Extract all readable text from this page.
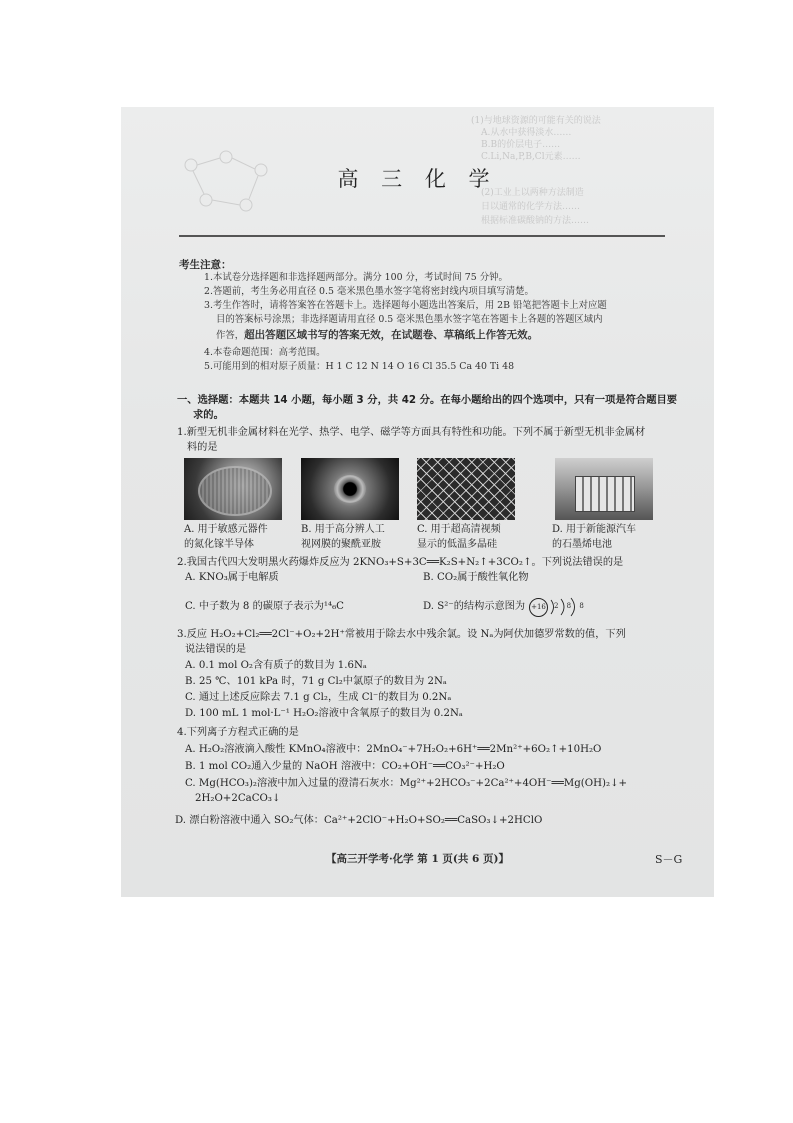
(1)与地球资源的可能有关的说法
A.从水中获得淡水……
B.B的价层电子……
C.Li,Na,P,B,Cl元素……
(2)工业上以两种方法制造
日以通常的化学方法……
根据标准碳酸钠的方法……
高 三 化 学
考生注意：
1.本试卷分选择题和非选择题两部分。满分 100 分，考试时间 75 分钟。
2.答题前，考生务必用直径 0.5 毫米黑色墨水签字笔将密封线内项目填写清楚。
3.考生作答时，请将答案答在答题卡上。选择题每小题选出答案后，用 2B 铅笔把答题卡上对应题
目的答案标号涂黑；非选择题请用直径 0.5 毫米黑色墨水签字笔在答题卡上各题的答题区域内
作答，超出答题区域书写的答案无效，在试题卷、草稿纸上作答无效。
4.本卷命题范围：高考范围。
5.可能用到的相对原子质量：H 1 C 12 N 14 O 16 Cl 35.5 Ca 40 Ti 48
一、选择题：本题共 14 小题，每小题 3 分，共 42 分。在每小题给出的四个选项中，只有一项是符合题目要
求的。
1.新型无机非金属材料在光学、热学、电学、磁学等方面具有特性和功能。下列不属于新型无机非金属材
料的是
A. 用于敏感元器件
的氮化镓半导体
B. 用于高分辨人工
视网膜的聚酰亚胺
C. 用于超高清视频
显示的低温多晶硅
D. 用于新能源汽车
的石墨烯电池
2.我国古代四大发明黑火药爆炸反应为 2KNO₃+S+3C══K₂S+N₂↑+3CO₂↑。下列说法错误的是
A. KNO₃属于电解质	B. CO₂属于酸性氧化物
C. 中子数为 8 的碳原子表示为¹⁴₆C	D. S²⁻的结构示意图为 +16	2 8 8
3.反应 H₂O₂+Cl₂══2Cl⁻+O₂+2H⁺常被用于除去水中残余氯。设 Nₐ为阿伏加德罗常数的值，下列
说法错误的是
A. 0.1 mol O₂含有质子的数目为 1.6Nₐ
B. 25 ℃、101 kPa 时，71 g Cl₂中氯原子的数目为 2Nₐ
C. 通过上述反应除去 7.1 g Cl₂，生成 Cl⁻的数目为 0.2Nₐ
D. 100 mL 1 mol·L⁻¹ H₂O₂溶液中含氧原子的数目为 0.2Nₐ
4.下列离子方程式正确的是
A. H₂O₂溶液滴入酸性 KMnO₄溶液中：2MnO₄⁻+7H₂O₂+6H⁺══2Mn²⁺+6O₂↑+10H₂O
B. 1 mol CO₂通入少量的 NaOH 溶液中：CO₂+OH⁻══CO₃²⁻+H₂O
C. Mg(HCO₃)₂溶液中加入过量的澄清石灰水：Mg²⁺+2HCO₃⁻+2Ca²⁺+4OH⁻══Mg(OH)₂↓+
2H₂O+2CaCO₃↓
D. 漂白粉溶液中通入 SO₂气体：Ca²⁺+2ClO⁻+H₂O+SO₂══CaSO₃↓+2HClO
【高三开学考·化学 第 1 页(共 6 页)】	S－G
